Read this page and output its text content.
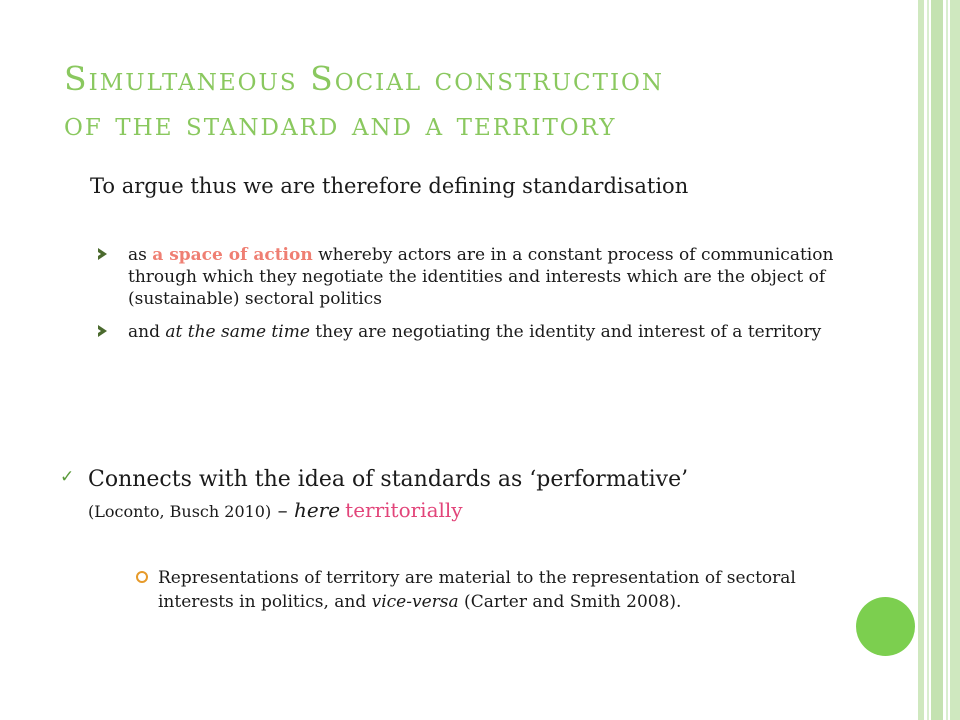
Simultaneous Social construction
of the standard and a territory
To argue thus we are therefore defining standardisation
as a space of action whereby actors are in a constant process of communication through which they negotiate the identities and interests which are the object of (sustainable) sectoral politics
and at the same time they are negotiating the identity and interest of a territory
✓ Connects with the idea of standards as ‘performative’
(Loconto, Busch 2010) – here territorially
Representations of territory are material to the representation of sectoral interests in politics, and vice-versa (Carter and Smith 2008).
